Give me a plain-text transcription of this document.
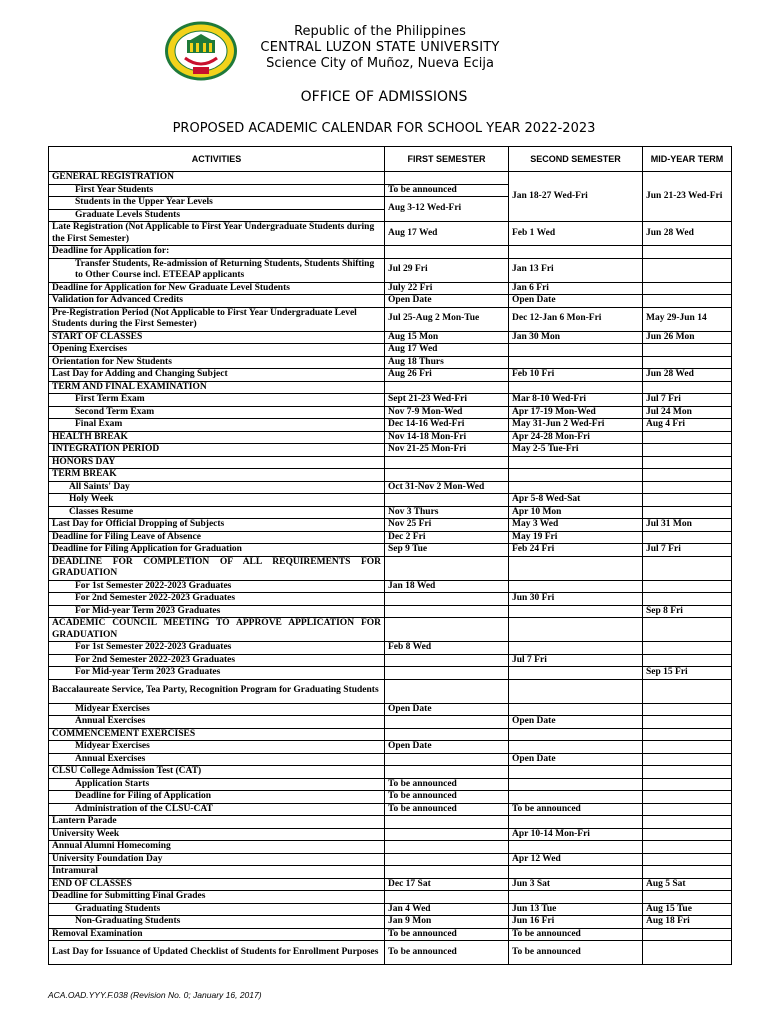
Republic of the Philippines
CENTRAL LUZON STATE UNIVERSITY
Science City of Muñoz, Nueva Ecija
OFFICE OF ADMISSIONS
PROPOSED ACADEMIC CALENDAR FOR SCHOOL YEAR 2022-2023
ACTIVITIES	FIRST SEMESTER	SECOND SEMESTER	MID-YEAR TERM
GENERAL REGISTRATION		Jan 18-27 Wed-Fri	Jun 21-23 Wed-Fri
First Year Students	To be announced		
Students in the Upper Year Levels	Aug 3-12 Wed-Fri		
Graduate Levels Students			
Late Registration (Not Applicable to First Year Undergraduate Students during the First Semester)	Aug 17 Wed	Feb 1 Wed	Jun 28 Wed
Deadline for Application for:			
Transfer Students, Re-admission of Returning Students, Students Shifting to Other Course incl. ETEEAP applicants	Jul 29 Fri	Jan 13 Fri	
Deadline for Application for New Graduate Level Students	July 22 Fri	Jan 6 Fri	
Validation for Advanced Credits	Open Date	Open Date	
Pre-Registration Period (Not Applicable to First Year Undergraduate Level Students during the First Semester)	Jul 25-Aug 2 Mon-Tue	Dec 12-Jan 6 Mon-Fri	May 29-Jun 14
START OF CLASSES	Aug 15 Mon	Jan 30 Mon	Jun 26 Mon
Opening Exercises	Aug 17 Wed		
Orientation for New Students	Aug 18 Thurs		
Last Day for Adding and Changing Subject	Aug 26 Fri	Feb 10 Fri	Jun 28 Wed
TERM AND FINAL EXAMINATION			
First Term Exam	Sept 21-23 Wed-Fri	Mar 8-10 Wed-Fri	Jul 7 Fri
Second Term Exam	Nov 7-9 Mon-Wed	Apr 17-19 Mon-Wed	Jul 24 Mon
Final Exam	Dec 14-16 Wed-Fri	May 31-Jun 2 Wed-Fri	Aug 4 Fri
HEALTH BREAK	Nov 14-18 Mon-Fri	Apr 24-28 Mon-Fri	
INTEGRATION PERIOD	Nov 21-25 Mon-Fri	May 2-5 Tue-Fri	
HONORS DAY			
TERM BREAK			
All Saints' Day	Oct 31-Nov 2 Mon-Wed		
Holy Week		Apr 5-8 Wed-Sat	
Classes Resume	Nov 3 Thurs	Apr 10 Mon	
Last Day for Official Dropping of Subjects	Nov 25 Fri	May 3 Wed	Jul 31 Mon
Deadline for Filing Leave of Absence	Dec 2 Fri	May 19 Fri	
Deadline for Filing Application for Graduation	Sep 9 Tue	Feb 24 Fri	Jul 7 Fri
DEADLINE FOR COMPLETION OF ALL REQUIREMENTS FOR GRADUATION			
For 1st Semester 2022-2023 Graduates	Jan 18 Wed		
For 2nd Semester 2022-2023 Graduates		Jun 30 Fri	
For Mid-year Term 2023 Graduates			Sep 8 Fri
ACADEMIC COUNCIL MEETING TO APPROVE APPLICATION FOR GRADUATION			
For 1st Semester 2022-2023 Graduates	Feb 8 Wed		
For 2nd Semester 2022-2023 Graduates		Jul 7 Fri	
For Mid-year Term 2023 Graduates			Sep 15 Fri
Baccalaureate Service, Tea Party, Recognition Program for Graduating Students			
Midyear Exercises	Open Date		
Annual Exercises		Open Date	
COMMENCEMENT EXERCISES			
Midyear Exercises	Open Date		
Annual Exercises		Open Date	
CLSU College Admission Test (CAT)			
Application Starts	To be announced		
Deadline for Filing of Application	To be announced		
Administration of the CLSU-CAT	To be announced	To be announced	
Lantern Parade			
University Week		Apr 10-14 Mon-Fri	
Annual Alumni Homecoming			
University Foundation Day		Apr 12 Wed	
Intramural			
END OF CLASSES	Dec 17 Sat	Jun 3 Sat	Aug 5 Sat
Deadline for Submitting Final Grades			
Graduating Students	Jan 4 Wed	Jun 13 Tue	Aug 15 Tue
Non-Graduating Students	Jan 9 Mon	Jun 16 Fri	Aug 18 Fri
Removal Examination	To be announced	To be announced	
Last Day for Issuance of Updated Checklist of Students for Enrollment Purposes	To be announced	To be announced	
ACA.OAD.YYY.F.038 (Revision No. 0; January 16, 2017)
